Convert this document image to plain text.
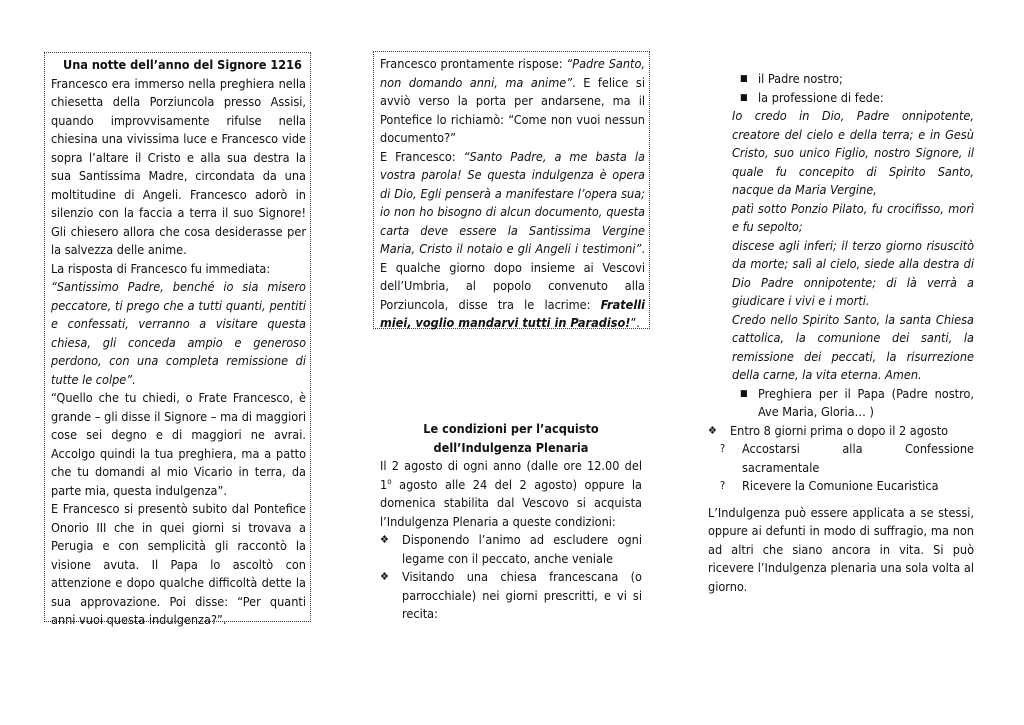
Una notte dell’anno del Signore 1216

Francesco era immerso nella preghiera nella chiesetta della Porziuncola presso Assisi, quando improvvisamente rifulse nella chiesina una vivissima luce e Francesco vide sopra l’altare il Cristo e alla sua destra la sua Santissima Madre, circondata da una moltitudine di Angeli. Francesco adorò in silenzio con la faccia a terra il suo Signore! Gli chiesero allora che cosa desiderasse per la salvezza delle anime.

La risposta di Francesco fu immediata:
“Santissimo Padre, benché io sia misero peccatore, ti prego che a tutti quanti, pentiti e confessati, verranno a visitare questa chiesa, gli conceda ampio e generoso perdono, con una completa remissione di tutte le colpe”.

“Quello che tu chiedi, o Frate Francesco, è grande – gli disse il Signore – ma di maggiori cose sei degno e di maggiori ne avrai. Accolgo quindi la tua preghiera, ma a patto che tu domandi al mio Vicario in terra, da parte mia, questa indulgenza”.

E Francesco si presentò subito dal Pontefice Onorio III che in quei giorni si trovava a Perugia e con semplicità gli raccontò la visione avuta. Il Papa lo ascoltò con attenzione e dopo qualche difficoltà dette la sua approvazione. Poi disse: “Per quanti anni vuoi questa indulgenza?”.

Francesco prontamente rispose: “Padre Santo, non domando anni, ma anime”. E felice si avviò verso la porta per andarsene, ma il Pontefice lo richiamò: “Come non vuoi nessun documento?”

E Francesco: “Santo Padre, a me basta la vostra parola! Se questa indulgenza è opera di Dio, Egli penserà a manifestare l’opera sua; io non ho bisogno di alcun documento, questa carta deve essere la Santissima Vergine Maria, Cristo il notaio e gli Angeli i testimoni”. E qualche giorno dopo insieme ai Vescovi dell’Umbria, al popolo convenuto alla Porziuncola, disse tra le lacrime: Fratelli miei, voglio mandarvi tutti in Paradiso!”.

Le condizioni per l’acquisto
dell’Indulgenza Plenaria

Il 2 agosto di ogni anno (dalle ore 12.00 del 1$^o$ agosto alle 24 del 2 agosto) oppure la domenica stabilita dal Vescovo si acquista l’Indulgenza Plenaria a queste condizioni:

❖ Disponendo l’animo ad escludere ogni legame con il peccato, anche veniale
❖ Visitando una chiesa francescana (o parrocchiale) nei giorni prescritti, e vi si recita:
■ il Padre nostro;
■ la professione di fede:
Io credo in Dio, Padre onnipotente, creatore del cielo e della terra; e in Gesù Cristo, suo unico Figlio, nostro Signore, il quale fu concepito di Spirito Santo, nacque da Maria Vergine,
patì sotto Ponzio Pilato, fu crocifisso, morì e fu sepolto;
discese agli inferi; il terzo giorno risuscitò da morte; salì al cielo, siede alla destra di Dio Padre onnipotente; di là verrà a giudicare i vivi e i morti.
Credo nello Spirito Santo, la santa Chiesa cattolica, la comunione dei santi, la remissione dei peccati, la risurrezione della carne, la vita eterna. Amen.
■ Preghiera per il Papa (Padre nostro, Ave Maria, Gloria… )
❖ Entro 8 giorni prima o dopo il 2 agosto
? Accostarsi alla Confessione sacramentale
? Ricevere la Comunione Eucaristica

L’Indulgenza può essere applicata a se stessi, oppure ai defunti in modo di suffragio, ma non ad altri che siano ancora in vita. Si può ricevere l’Indulgenza plenaria una sola volta al giorno.
